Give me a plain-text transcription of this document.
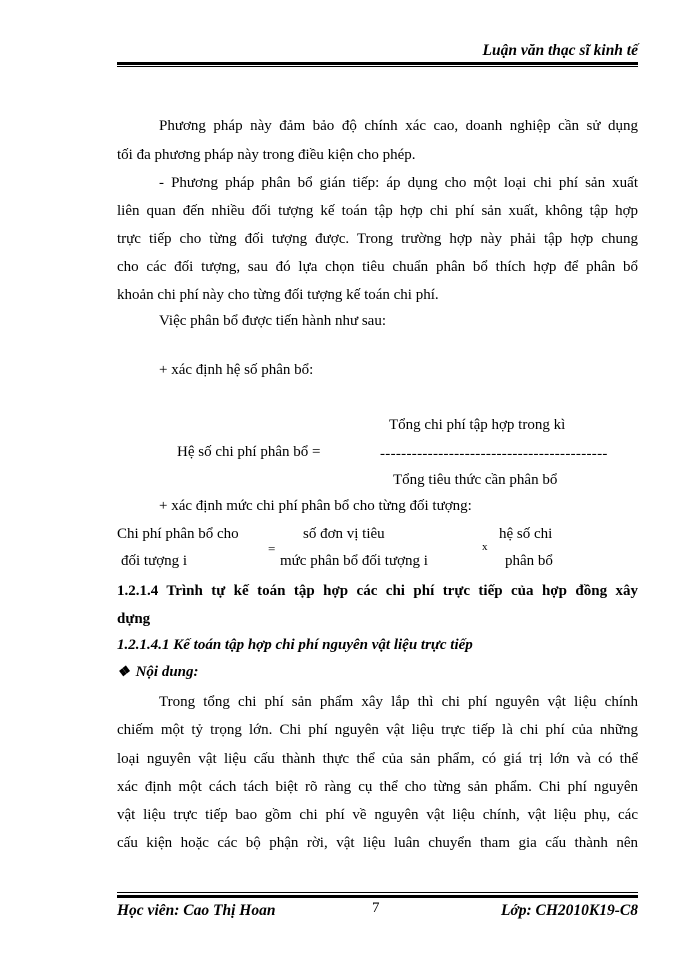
Luận văn thạc sĩ kinh tế
Phương pháp này đảm bảo độ chính xác cao, doanh nghiệp cần sử dụng
tối đa phương pháp này trong điều kiện cho phép.
- Phương pháp phân bổ gián tiếp: áp dụng cho một loại chi phí sản xuất
liên quan đến nhiều đối tượng kế toán tập hợp chi phí sản xuất, không tập hợp
trực tiếp cho từng đối tượng được. Trong trường hợp này phải tập hợp chung
cho các đối tượng, sau đó lựa chọn tiêu chuẩn phân bổ thích hợp để phân bổ
khoản chi phí này cho từng đối tượng kế toán chi phí.
Việc phân bổ được tiến hành như sau:
+ xác định hệ số phân bổ:
Tổng chi phí tập hợp trong kì
Hệ số chi phí phân bổ =	-------------------------------------------
Tổng tiêu thức cần phân bổ
+ xác định mức chi phí phân bổ cho từng đối tượng:
Chi phí phân bổ cho
đối tượng i
=
số đơn vị tiêu
mức phân bổ đối tượng i
x
hệ số chi
phân bổ
1.2.1.4 Trình tự kế toán tập hợp các chi phí trực tiếp của hợp đồng xây
dựng
1.2.1.4.1 Kế toán tập hợp chi phí nguyên vật liệu trực tiếp
❖ Nội dung:
Trong tổng chi phí sản phẩm xây lắp thì chi phí nguyên vật liệu chính
chiếm một tỷ trọng lớn. Chi phí nguyên vật liệu trực tiếp là chi phí của những
loại nguyên vật liệu cấu thành thực thể của sản phẩm, có giá trị lớn và có thể
xác định một cách tách biệt rõ ràng cụ thể cho từng sản phẩm. Chi phí nguyên
vật liệu trực tiếp bao gồm chi phí về nguyên vật liệu chính, vật liệu phụ, các
cấu kiện hoặc các bộ phận rời, vật liệu luân chuyển tham gia cấu thành nên
Học viên: Cao Thị Hoan	7	Lớp: CH2010K19-C8
